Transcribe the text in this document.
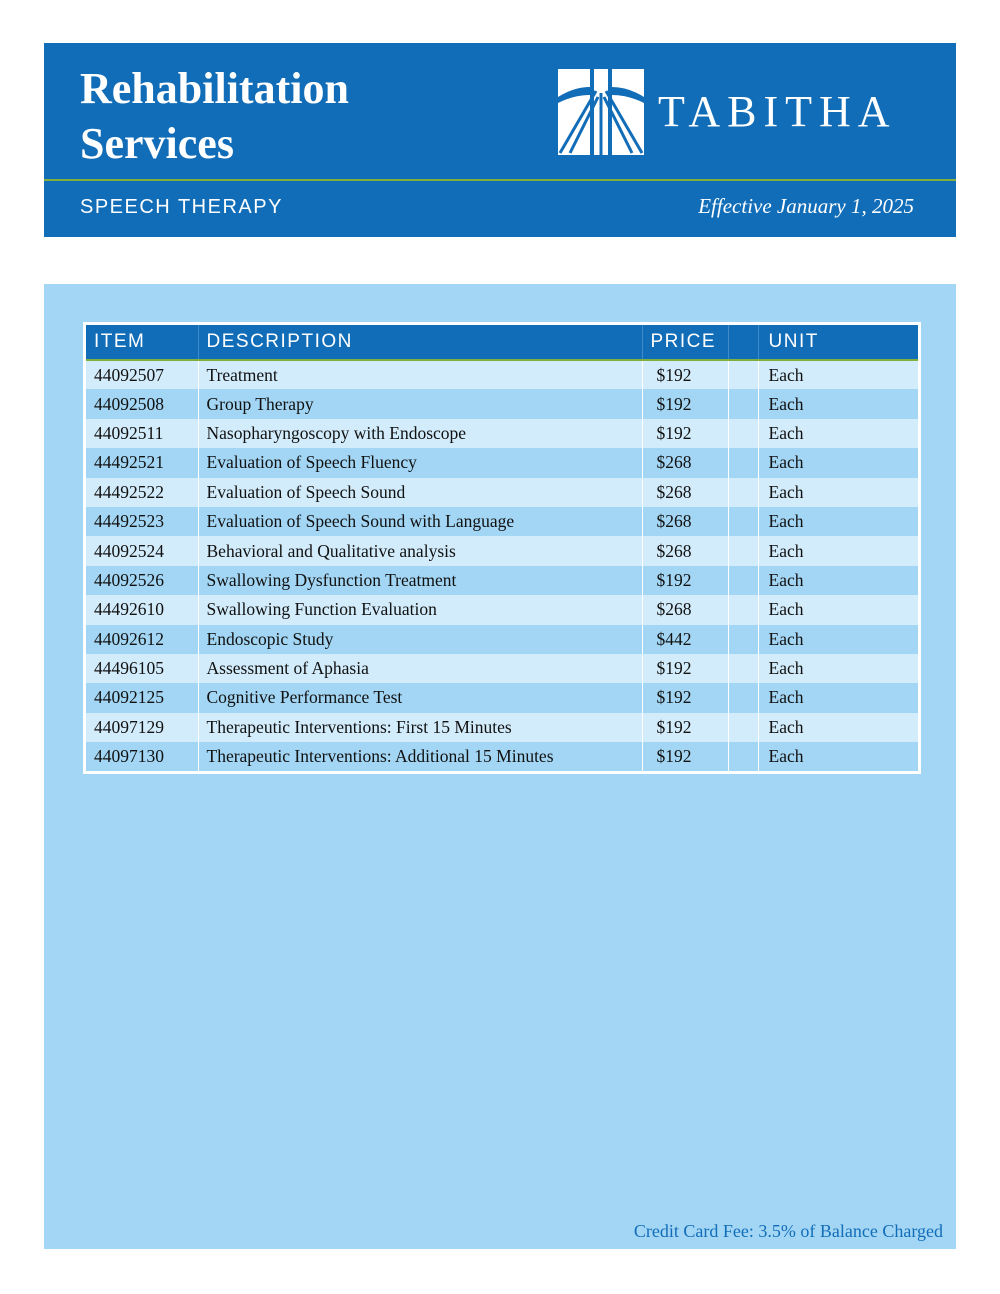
Rehabilitation
Services
TABITHA
SPEECH THERAPY	Effective January 1, 2025
ITEM	DESCRIPTION	PRICE		UNIT
44092507	Treatment	$192		Each
44092508	Group Therapy	$192		Each
44092511	Nasopharyngoscopy with Endoscope	$192		Each
44492521	Evaluation of Speech Fluency	$268		Each
44492522	Evaluation of Speech Sound	$268		Each
44492523	Evaluation of Speech Sound with Language	$268		Each
44092524	Behavioral and Qualitative analysis	$268		Each
44092526	Swallowing Dysfunction Treatment	$192		Each
44492610	Swallowing Function Evaluation	$268		Each
44092612	Endoscopic Study	$442		Each
44496105	Assessment of Aphasia	$192		Each
44092125	Cognitive Performance Test	$192		Each
44097129	Therapeutic Interventions: First 15 Minutes	$192		Each
44097130	Therapeutic Interventions: Additional 15 Minutes	$192		Each
Credit Card Fee: 3.5% of Balance Charged
